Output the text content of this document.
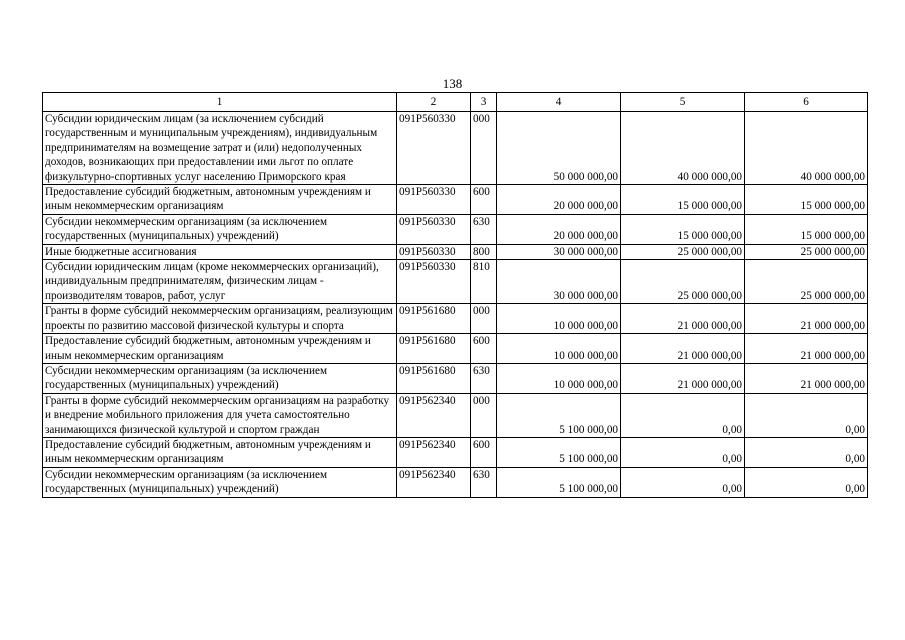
138
1	2	3	4	5	6
Субсидии юридическим лицам (за исключением субсидий государственным и муниципальным учреждениям), индивидуальным предпринимателям на возмещение затрат и (или) недополученных доходов, возникающих при предоставлении ими льгот по оплате физкультурно-спортивных услуг населению Приморского края	091P560330	000	50 000 000,00	40 000 000,00	40 000 000,00
Предоставление субсидий бюджетным, автономным учреждениям и иным некоммерческим организациям	091P560330	600	20 000 000,00	15 000 000,00	15 000 000,00
Субсидии некоммерческим организациям (за исключением государственных (муниципальных) учреждений)	091P560330	630	20 000 000,00	15 000 000,00	15 000 000,00
Иные бюджетные ассигнования	091P560330	800	30 000 000,00	25 000 000,00	25 000 000,00
Субсидии юридическим лицам (кроме некоммерческих организаций), индивидуальным предпринимателям, физическим лицам - производителям товаров, работ, услуг	091P560330	810	30 000 000,00	25 000 000,00	25 000 000,00
Гранты в форме субсидий некоммерческим организациям, реализующим проекты по развитию массовой физической культуры и спорта	091P561680	000	10 000 000,00	21 000 000,00	21 000 000,00
Предоставление субсидий бюджетным, автономным учреждениям и иным некоммерческим организациям	091P561680	600	10 000 000,00	21 000 000,00	21 000 000,00
Субсидии некоммерческим организациям (за исключением государственных (муниципальных) учреждений)	091P561680	630	10 000 000,00	21 000 000,00	21 000 000,00
Гранты в форме субсидий некоммерческим организациям на разработку и внедрение мобильного приложения для учета самостоятельно занимающихся физической культурой и спортом граждан	091P562340	000	5 100 000,00	0,00	0,00
Предоставление субсидий бюджетным, автономным учреждениям и иным некоммерческим организациям	091P562340	600	5 100 000,00	0,00	0,00
Субсидии некоммерческим организациям (за исключением государственных (муниципальных) учреждений)	091P562340	630	5 100 000,00	0,00	0,00
